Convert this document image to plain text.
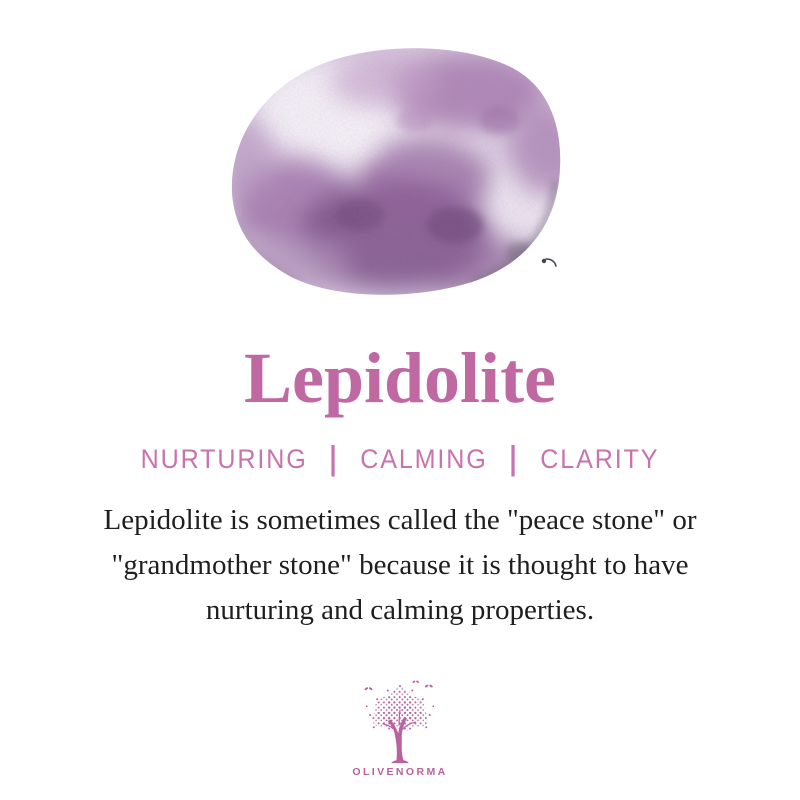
Lepidolite
NURTURING | CALMING | CLARITY
Lepidolite is sometimes called the "peace stone" or
"grandmother stone" because it is thought to have
nurturing and calming properties.
OLIVENORMA
